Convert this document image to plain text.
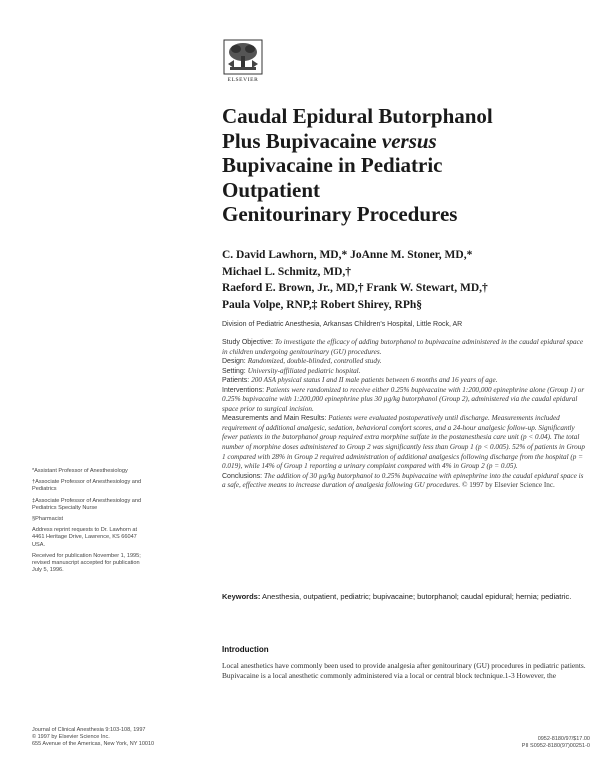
ELSEVIER
Caudal Epidural Butorphanol
Plus Bupivacaine versus
Bupivacaine in Pediatric
Outpatient
Genitourinary Procedures
C. David Lawhorn, MD,* JoAnne M. Stoner, MD,*
Michael L. Schmitz, MD,†
Raeford E. Brown, Jr., MD,† Frank W. Stewart, MD,†
Paula Volpe, RNP,‡ Robert Shirey, RPh§
Division of Pediatric Anesthesia, Arkansas Children's Hospital, Little Rock, AR

Study Objective: To investigate the efficacy of adding butorphanol to bupivacaine administered in the caudal epidural space in children undergoing genitourinary (GU) procedures.

Design: Randomized, double-blinded, controlled study.

Setting: University-affiliated pediatric hospital.

Patients: 200 ASA physical status I and II male patients between 6 months and 16 years of age.

Interventions: Patients were randomized to receive either 0.25% bupivacaine with 1:200,000 epinephrine alone (Group 1) or 0.25% bupivacaine with 1:200,000 epinephrine plus 30 µg/kg butorphanol (Group 2), administered via the caudal epidural space prior to surgical incision.

Measurements and Main Results: Patients were evaluated postoperatively until discharge. Measurements included requirement of additional analgesic, sedation, behavioral comfort scores, and a 24-hour analgesic follow-up. Significantly fewer patients in the butorphanol group required extra morphine sulfate in the postanesthesia care unit (p < 0.04). The total number of morphine doses administered to Group 2 was significantly less than Group 1 (p < 0.005). 52% of patients in Group 1 compared with 28% in Group 2 required administration of additional analgesics following discharge from the hospital (p = 0.019), while 14% of Group 1 reporting a urinary complaint compared with 4% in Group 2 (p = 0.05).

Conclusions: The addition of 30 µg/kg butorphanol to 0.25% bupivacaine with epinephrine into the caudal epidural space is a safe, effective means to increase duration of analgesia following GU procedures. © 1997 by Elsevier Science Inc.

Keywords: Anesthesia, outpatient, pediatric; bupivacaine; butorphanol; caudal epidural; hernia; pediatric.
Introduction
Local anesthetics have commonly been used to provide analgesia after genitourinary (GU) procedures in pediatric patients. Bupivacaine is a local anesthetic commonly administered via a local or central block technique.1-3 However, the

*Assistant Professor of Anesthesiology

†Associate Professor of Anesthesiology and Pediatrics

‡Associate Professor of Anesthesiology and Pediatrics Specialty Nurse

§Pharmacist

Address reprint requests to Dr. Lawhorn at 4461 Heritage Drive, Lawrence, KS 66047 USA.

Received for publication November 1, 1995; revised manuscript accepted for publication July 5, 1996.

Journal of Clinical Anesthesia 9:103-108, 1997
© 1997 by Elsevier Science Inc.
655 Avenue of the Americas, New York, NY 10010
0952-8180/97/$17.00
PII S0952-8180(97)00251-0
